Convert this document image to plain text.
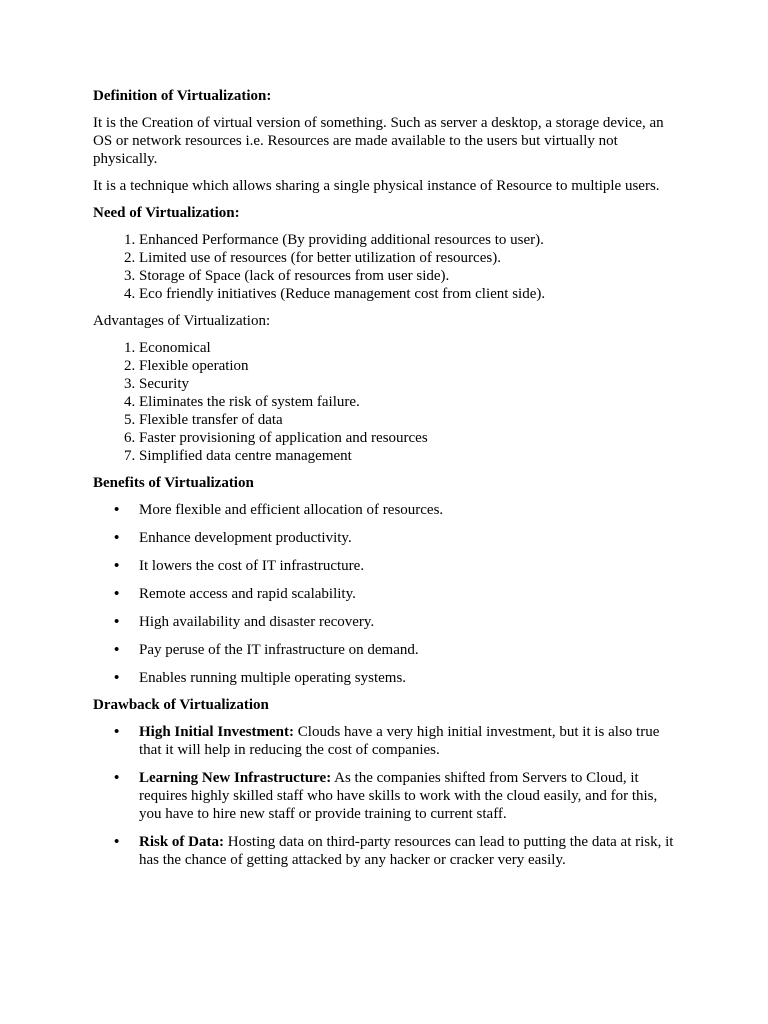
Definition of Virtualization:

It is the Creation of virtual version of something. Such as server a desktop, a storage device, an OS or network resources i.e. Resources are made available to the users but virtually not physically.

It is a technique which allows sharing a single physical instance of Resource to multiple users.

Need of Virtualization:

1. Enhanced Performance (By providing additional resources to user).
2. Limited use of resources (for better utilization of resources).
3. Storage of Space (lack of resources from user side).
4. Eco friendly initiatives (Reduce management cost from client side).

Advantages of Virtualization:

1. Economical
2. Flexible operation
3. Security
4. Eliminates the risk of system failure.
5. Flexible transfer of data
6. Faster provisioning of application and resources
7. Simplified data centre management

Benefits of Virtualization

• More flexible and efficient allocation of resources.
• Enhance development productivity.
• It lowers the cost of IT infrastructure.
• Remote access and rapid scalability.
• High availability and disaster recovery.
• Pay peruse of the IT infrastructure on demand.
• Enables running multiple operating systems.

Drawback of Virtualization

• High Initial Investment: Clouds have a very high initial investment, but it is also true that it will help in reducing the cost of companies.
• Learning New Infrastructure: As the companies shifted from Servers to Cloud, it requires highly skilled staff who have skills to work with the cloud easily, and for this, you have to hire new staff or provide training to current staff.
• Risk of Data: Hosting data on third-party resources can lead to putting the data at risk, it has the chance of getting attacked by any hacker or cracker very easily.
